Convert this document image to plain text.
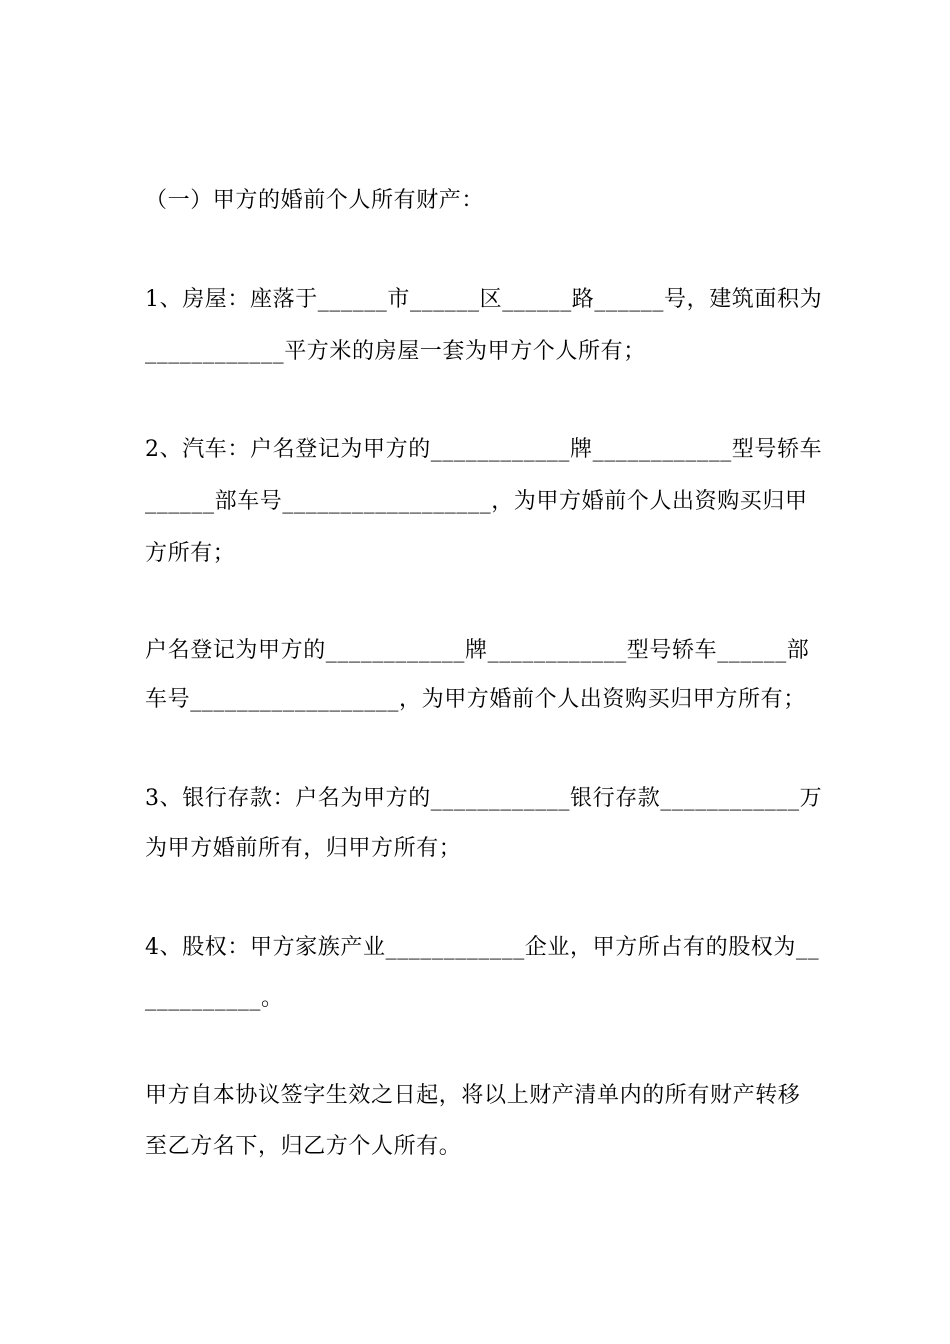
（一）甲方的婚前个人所有财产：
1、房屋：座落于______市______区______路______号，建筑面积为
____________平方米的房屋一套为甲方个人所有；
2、汽车：户名登记为甲方的____________牌____________型号轿车
______部车号__________________，为甲方婚前个人出资购买归甲
方所有；
户名登记为甲方的____________牌____________型号轿车______部
车号__________________，为甲方婚前个人出资购买归甲方所有；
3、银行存款：户名为甲方的____________银行存款____________万
为甲方婚前所有，归甲方所有；
4、股权：甲方家族产业____________企业，甲方所占有的股权为__
__________。
甲方自本协议签字生效之日起，将以上财产清单内的所有财产转移
至乙方名下，归乙方个人所有。
